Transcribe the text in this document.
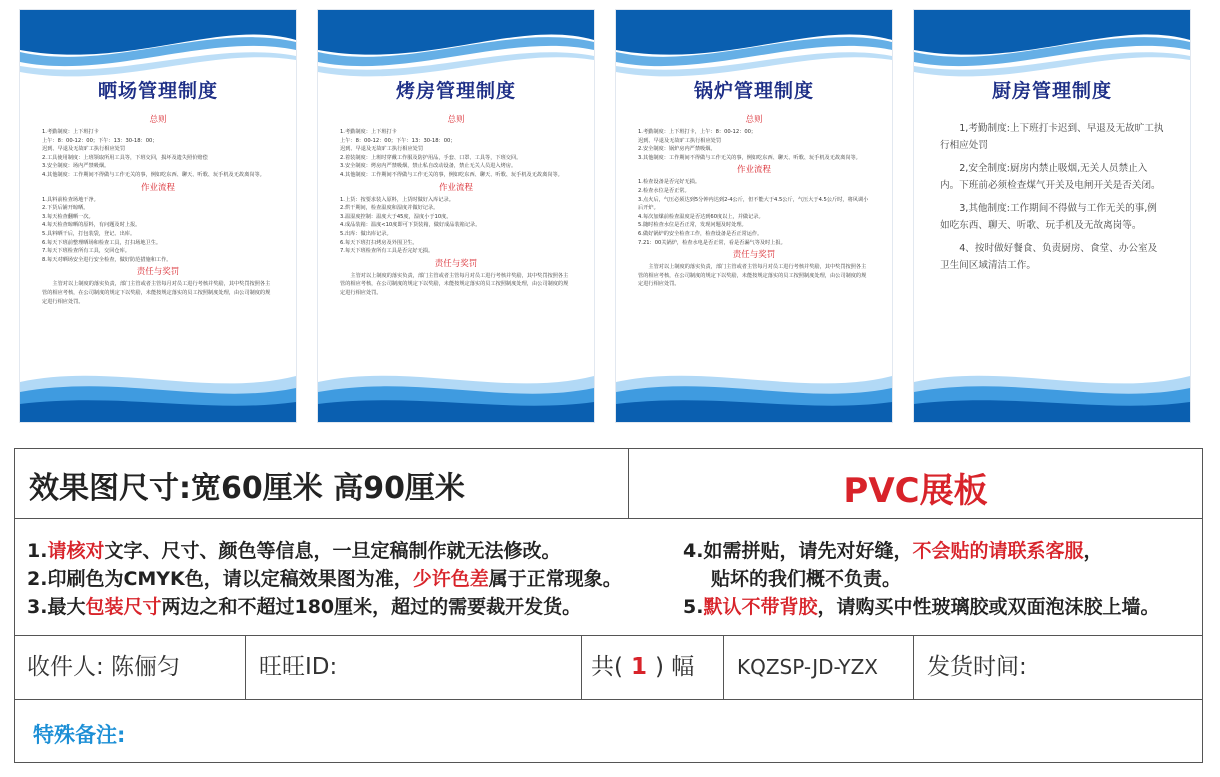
晒场管理制度
总则
1.考勤制度：上下班打卡
上午：8：00-12：00；下午：13：30-18：00；
迟到、早退及无故旷工执行相应处罚
2.工具使用制度：上班领取所用工具等，下班交回，损坏及遗失照价赔偿
3.安全制度：场内严禁吸烟。
4.其他制度：工作期间不得做与工作无关的事，例如吃东西、聊天、听歌、玩手机及无故离岗等。
作业流程
1.具料前检查场地干净。
2.下货后铺开晾晒。
3.每天检查翻晒一次。
4.每天检查晾晒的原料，有问题及时上报。
5.具料晒干后，打包装袋，登记、出库。
6.每天下班前整理晒场和检查工具，打扫场地卫生。
7.每天下班检查所有工具，交回仓库。
8.每天对晒场安全进行安全检查，做好防范措施和工作。
责任与奖罚
主管对以上制度的落实负责，部门主管或者主管每月对员工进行考核并奖励，其中奖罚按照各主管的相应考核，在公司制度的规定下以奖励，未能按规定落实的员工按照制度处理，由公司制度的规定进行相应处罚。
烤房管理制度
总则
1.考勤制度：上下班打卡
上午：8：00-12：00；下午：13：30-18：00；
迟到、早退及无故旷工执行相应处罚
2.着装制度：上班时穿戴工作服及防护用品，手套、口罩、工具等，下班交回。
3.安全制度：烤房内严禁吸烟，禁止私自改动设备，禁止无关人员进入烤房。
4.其他制度：工作期间不得做与工作无关的事，例如吃东西、聊天、听歌、玩手机及无故离岗等。
作业流程
1.上货：按要求装入原料，上货时做好入库记录。
2.烘干期间，检查温度和湿度并做好记录。
3.温湿度控制：温度大于45度，湿度小于10度。
4.成品装箱：温度<10度即可下货装箱，做好成品装箱记录。
5.出库：做出库记录。
6.每天下班打扫烤房及外围卫生。
7.每天下班检查所有工具是否完好无损。
责任与奖罚
主管对以上制度的落实负责，部门主管或者主管每月对员工进行考核并奖励，其中奖罚按照各主管的相应考核，在公司制度的规定下以奖励，未能按规定落实的员工按照制度处理，由公司制度的规定进行相应处罚。
锅炉管理制度
总则
1.考勤制度：上下班打卡，上午：8：00-12：00；
迟到、早退及无故旷工执行相应处罚
2.安全制度：锅炉房内严禁吸烟。
3.其他制度：工作期间不得做与工作无关的事，例如吃东西、聊天、听歌、玩手机及无故离岗等。
作业流程
1.检查设备是否完好无损。
2.检查水位是否正常。
3.点火后，气压必须达到5分钟内达到2-4公斤，但不能大于4.5公斤，气压大于4.5公斤时，将风调小后开炉。
4.每次加煤前检查温度是否达到60度以上，并做记录。
5.随时检查水位是否正常，发现问题及时处理。
6.做好锅炉的安全检查工作，检查设备是否正常运作。
7.21：00关锅炉，检查水电是否正常，看是否漏气等及时上报。
责任与奖罚
主管对以上制度的落实负责，部门主管或者主管每月对员工进行考核并奖励，其中奖罚按照各主管的相应考核，在公司制度的规定下以奖励，未能按规定落实的员工按照制度处理，由公司制度的规定进行相应处罚。
厨房管理制度
1,考勤制度:上下班打卡迟到、早退及无故旷工执行相应处罚
2,安全制度:厨房内禁止吸烟,无关人员禁止入内。下班前必须检查煤气开关及电闸开关是否关闭。
3,其他制度:工作期间不得做与工作无关的事,例如吃东西、聊天、听歌、玩手机及无故离岗等。
4、按时做好餐食、负责厨房、食堂、办公室及卫生间区域清洁工作。
效果图尺寸:宽60厘米 高90厘米	PVC展板
1.请核对文字、尺寸、颜色等信息，一旦定稿制作就无法修改。
2.印刷色为CMYK色，请以定稿效果图为准，少许色差属于正常现象。
3.最大包装尺寸两边之和不超过180厘米，超过的需要裁开发货。
4.如需拼贴，请先对好缝，不会贴的请联系客服，
贴坏的我们概不负责。
5.默认不带背胶，请购买中性玻璃胶或双面泡沫胶上墙。
收件人: 陈俪匀	旺旺ID:	共( 1 ) 幅 KQZSP-JD-YZX 发货时间:
特殊备注:
